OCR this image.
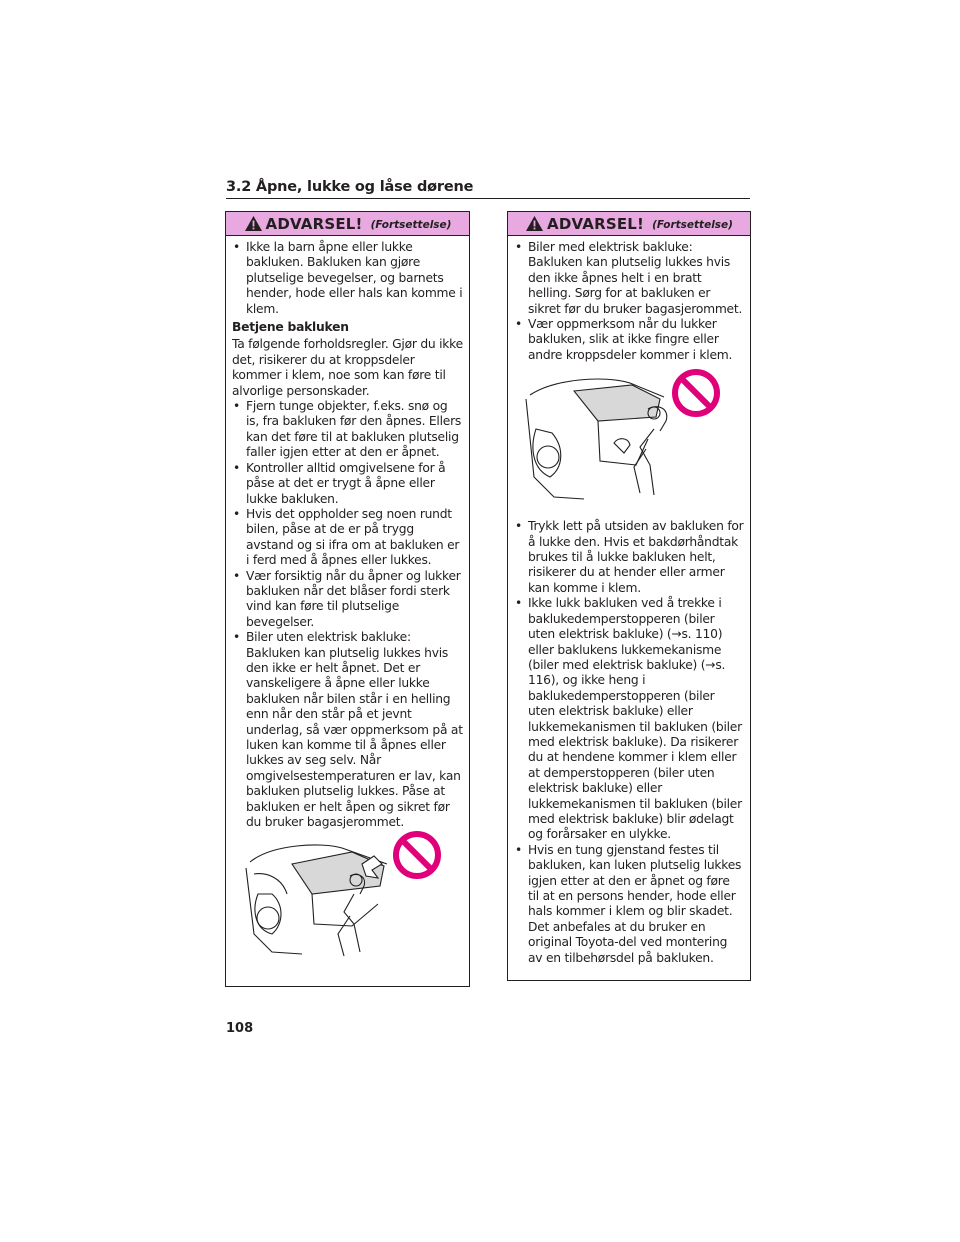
3.2 Åpne, lukke og låse dørene
ADVARSEL! (Fortsettelse)
• Ikke la barn åpne eller lukke bakluken. Bakluken kan gjøre plutselige bevegelser, og barnets hender, hode eller hals kan komme i klem.
Betjene bakluken

Ta følgende forholdsregler. Gjør du ikke det, risikerer du at kroppsdeler kommer i klem, noe som kan føre til alvorlige personskader.

• Fjern tunge objekter, f.eks. snø og is, fra bakluken før den åpnes. Ellers kan det føre til at bakluken plutselig faller igjen etter at den er åpnet.
• Kontroller alltid omgivelsene for å påse at det er trygt å åpne eller lukke bakluken.
• Hvis det oppholder seg noen rundt bilen, påse at de er på trygg avstand og si ifra om at bakluken er i ferd med å åpnes eller lukkes.
• Vær forsiktig når du åpner og lukker bakluken når det blåser fordi sterk vind kan føre til plutselige bevegelser.
• Biler uten elektrisk bakluke: Bakluken kan plutselig lukkes hvis den ikke er helt åpnet. Det er vanskeligere å åpne eller lukke bakluken når bilen står i en helling enn når den står på et jevnt underlag, så vær oppmerksom på at luken kan komme til å åpnes eller lukkes av seg selv. Når omgivelsestemperaturen er lav, kan bakluken plutselig lukkes. Påse at bakluken er helt åpen og sikret før du bruker bagasjerommet.
ADVARSEL! (Fortsettelse)
• Biler med elektrisk bakluke: Bakluken kan plutselig lukkes hvis den ikke åpnes helt i en bratt helling. Sørg for at bakluken er sikret før du bruker bagasjerommet.
• Vær oppmerksom når du lukker bakluken, slik at ikke fingre eller andre kroppsdeler kommer i klem.
• Trykk lett på utsiden av bakluken for å lukke den. Hvis et bakdørhåndtak brukes til å lukke bakluken helt, risikerer du at hender eller armer kan komme i klem.
• Ikke lukk bakluken ved å trekke i baklukedemperstopperen (biler uten elektrisk bakluke) (→s. 110) eller baklukens lukkemekanisme (biler med elektrisk bakluke) (→s. 116), og ikke heng i baklukedemperstopperen (biler uten elektrisk bakluke) eller lukkemekanismen til bakluken (biler med elektrisk bakluke). Da risikerer du at hendene kommer i klem eller at demperstopperen (biler uten elektrisk bakluke) eller lukkemekanismen til bakluken (biler med elektrisk bakluke) blir ødelagt og forårsaker en ulykke.
• Hvis en tung gjenstand festes til bakluken, kan luken plutselig lukkes igjen etter at den er åpnet og føre til at en persons hender, hode eller hals kommer i klem og blir skadet. Det anbefales at du bruker en original Toyota-del ved montering av en tilbehørsdel på bakluken.
108
